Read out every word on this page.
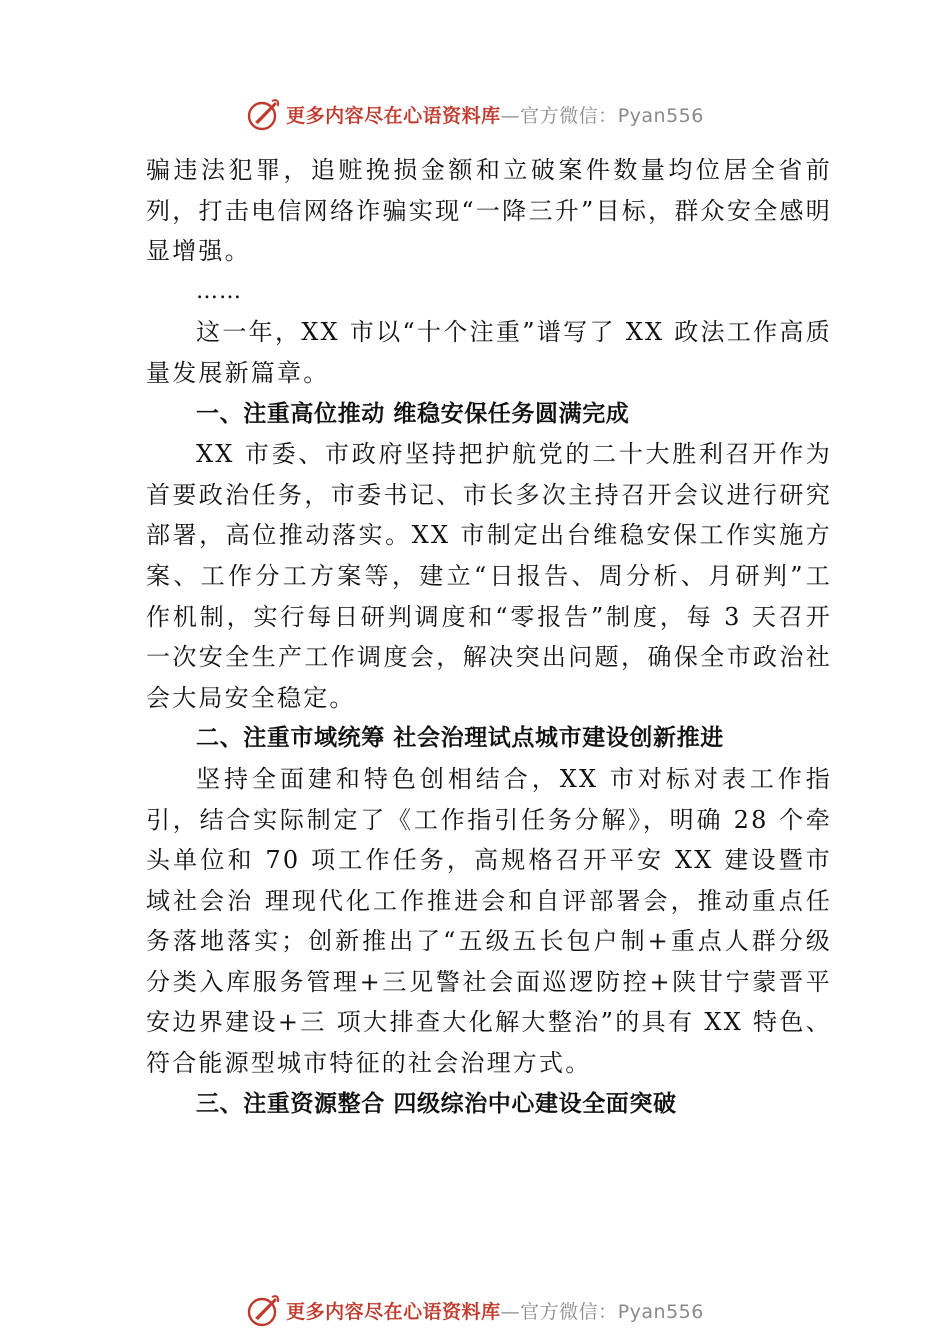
更多内容尽在心语资料库—官方微信：Pyan556

骗违法犯罪，追赃挽损金额和立破案件数量均位居全省前列，打击电信网络诈骗实现“一降三升”目标，群众安全感明显增强。

……

这一年，XX 市以“十个注重”谱写了 XX 政法工作高质量发展新篇章。

一、注重高位推动 维稳安保任务圆满完成

XX 市委、市政府坚持把护航党的二十大胜利召开作为首要政治任务，市委书记、市长多次主持召开会议进行研究部署，高位推动落实。XX 市制定出台维稳安保工作实施方案、工作分工方案等，建立“日报告、周分析、月研判”工 作机制，实行每日研判调度和“零报告”制度，每 3 天召开一次安全生产工作调度会，解决突出问题，确保全市政治社会大局安全稳定。

二、注重市域统筹 社会治理试点城市建设创新推进

坚持全面建和特色创相结合，XX 市对标对表工作指引，结合实际制定了《工作指引任务分解》，明确 28 个牵头单位和 70 项工作任务，高规格召开平安 XX 建设暨市域社会治 理现代化工作推进会和自评部署会，推动重点任务落地落实；创新推出了“五级五长包户制+重点人群分级分类入库服务管理+三见警社会面巡逻防控+陕甘宁蒙晋平安边界建设+三 项大排查大化解大整治”的具有 XX 特色、符合能源型城市特征的社会治理方式。

三、注重资源整合 四级综治中心建设全面突破

更多内容尽在心语资料库—官方微信：Pyan556
